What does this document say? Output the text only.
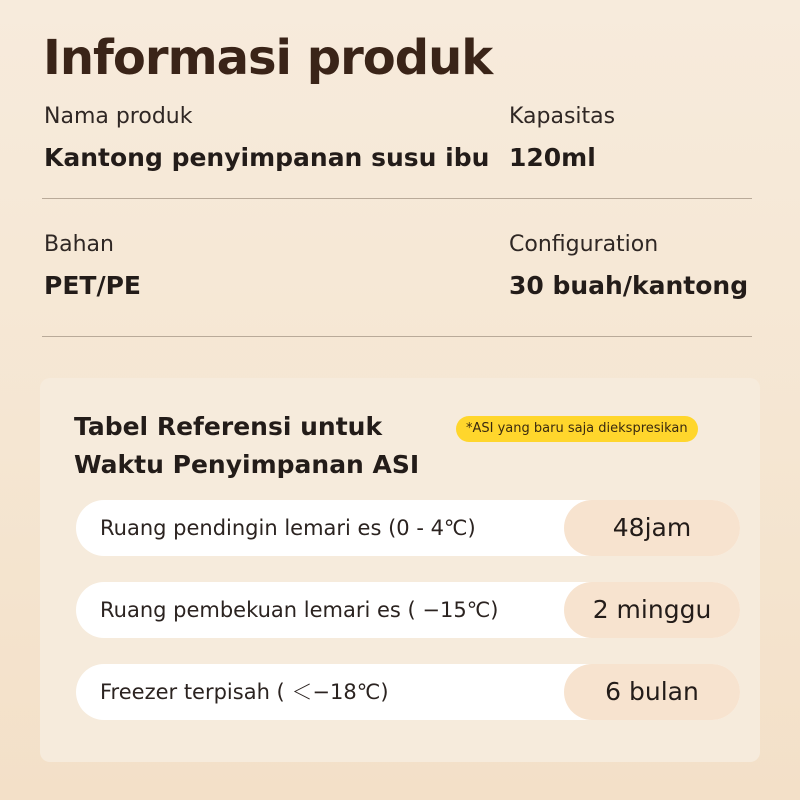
Informasi produk
Nama produk
Kantong penyimpanan susu ibu
Kapasitas
120ml
Bahan
PET/PE
Configuration
30 buah/kantong
Tabel Referensi untuk
Waktu Penyimpanan ASI
*ASI yang baru saja diekspresikan
Ruang pendingin lemari es (0 - 4℃)	48jam
Ruang pembekuan lemari es ( −15℃)	2 minggu
Freezer terpisah ( ＜−18℃)	6 bulan
